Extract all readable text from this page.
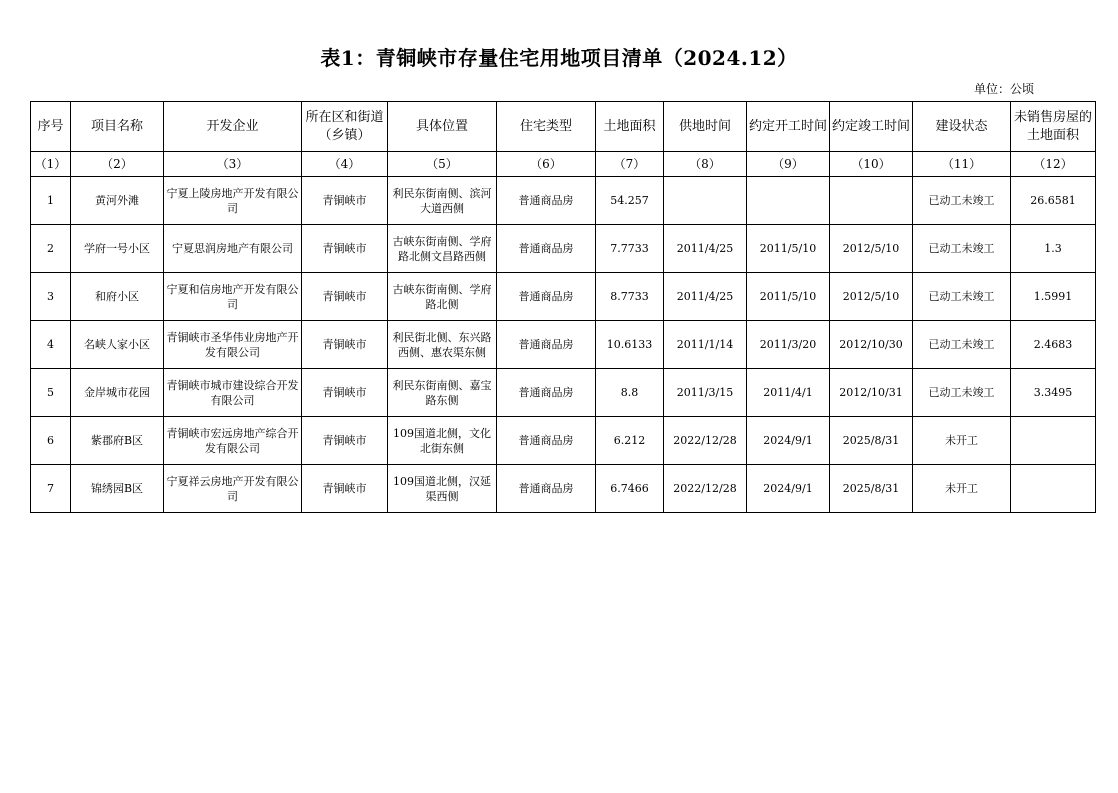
表1：青铜峡市存量住宅用地项目清单（2024.12）
单位：公顷
序号	项目名称	开发企业	所在区和街道（乡镇）	具体位置	住宅类型	土地面积	供地时间	约定开工时间	约定竣工时间	建设状态	未销售房屋的土地面积
（1）	（2）	（3）	（4）	（5）	（6）	（7）	（8）	（9）	（10）	（11）	（12）
1	黄河外滩	宁夏上陵房地产开发有限公司	青铜峡市	利民东街南侧、滨河大道西侧	普通商品房	54.257				已动工未竣工	26.6581
2	学府一号小区	宁夏思润房地产有限公司	青铜峡市	古峡东街南侧、学府路北侧文昌路西侧	普通商品房	7.7733	2011/4/25	2011/5/10	2012/5/10	已动工未竣工	1.3
3	和府小区	宁夏和信房地产开发有限公司	青铜峡市	古峡东街南侧、学府路北侧	普通商品房	8.7733	2011/4/25	2011/5/10	2012/5/10	已动工未竣工	1.5991
4	名峡人家小区	青铜峡市圣华伟业房地产开发有限公司	青铜峡市	利民街北侧、东兴路西侧、惠农渠东侧	普通商品房	10.6133	2011/1/14	2011/3/20	2012/10/30	已动工未竣工	2.4683
5	金岸城市花园	青铜峡市城市建设综合开发有限公司	青铜峡市	利民东街南侧、嘉宝路东侧	普通商品房	8.8	2011/3/15	2011/4/1	2012/10/31	已动工未竣工	3.3495
6	紫郡府B区	青铜峡市宏远房地产综合开发有限公司	青铜峡市	109国道北侧，文化北街东侧	普通商品房	6.212	2022/12/28	2024/9/1	2025/8/31	未开工	
7	锦绣园B区	宁夏祥云房地产开发有限公司	青铜峡市	109国道北侧，汉延渠西侧	普通商品房	6.7466	2022/12/28	2024/9/1	2025/8/31	未开工	
